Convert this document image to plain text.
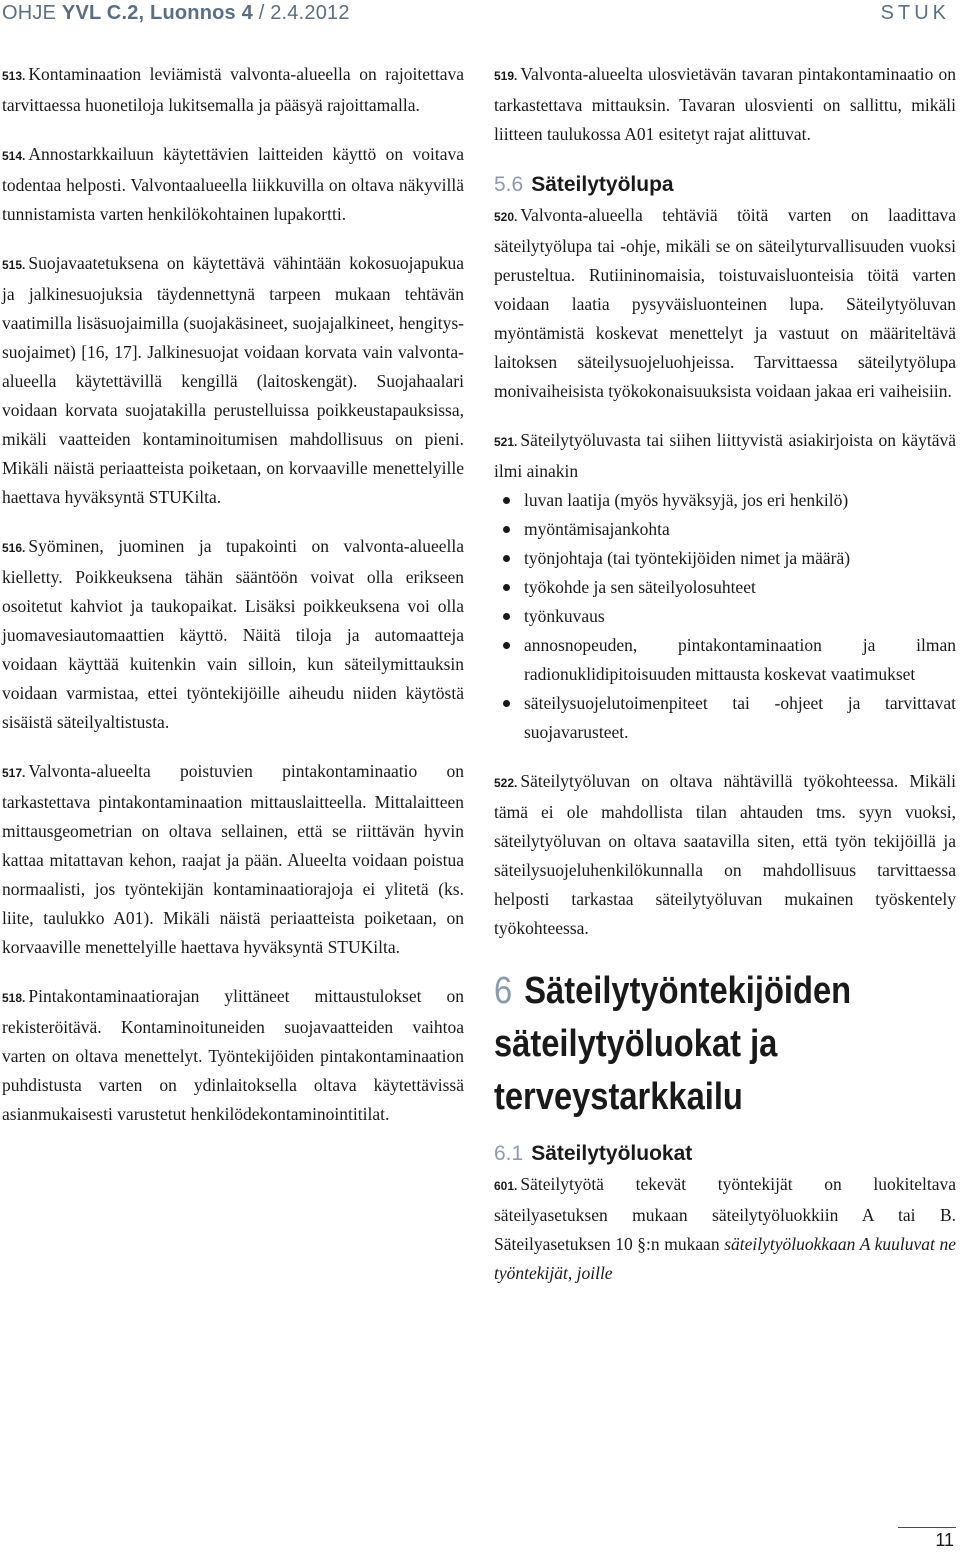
OHJE YVL C.2, Luonnos 4 / 2.4.2012	STUK

513. Kontaminaation leviämistä valvonta-alueella on rajoitettava tarvittaessa huonetiloja lukitsemalla ja pääsyä rajoittamalla.

514. Annostarkkailuun käytettävien laitteiden käyttö on voitava todentaa helposti. Valvontaalueella liikkuvilla on oltava näkyvillä tunnistamista varten henkilökohtainen lupakortti.

515. Suojavaatetuksena on käytettävä vähintään kokosuojapukua ja jalkinesuojuksia täydennettynä tarpeen mukaan tehtävän vaatimilla lisäsuojaimilla (suojakäsineet, suojajalkineet, hengityssuojaimet) [16, 17]. Jalkinesuojat voidaan korvata vain valvonta-alueella käytettävillä kengillä (laitoskengät). Suojahaalari voidaan korvata suojatakilla perustelluissa poikkeustapauksissa, mikäli vaatteiden kontaminoitumisen mahdollisuus on pieni. Mikäli näistä periaatteista poiketaan, on korvaaville menettelyille haettava hyväksyntä STUKilta.

516. Syöminen, juominen ja tupakointi on valvonta-alueella kielletty. Poikkeuksena tähän sääntöön voivat olla erikseen osoitetut kahviot ja taukopaikat. Lisäksi poikkeuksena voi olla juomavesiautomaattien käyttö. Näitä tiloja ja automaatteja voidaan käyttää kuitenkin vain silloin, kun säteilymittauksin voidaan varmistaa, ettei työntekijöille aiheudu niiden käytöstä sisäistä säteilyaltistusta.

517. Valvonta-alueelta poistuvien pintakontaminaatio on tarkastettava pintakontaminaation mittauslaitteella. Mittalaitteen mittausgeometrian on oltava sellainen, että se riittävän hyvin kattaa mitattavan kehon, raajat ja pään. Alueelta voidaan poistua normaalisti, jos työntekijän kontaminaatiorajoja ei ylitetä (ks. liite, taulukko A01). Mikäli näistä periaatteista poiketaan, on korvaaville menettelyille haettava hyväksyntä STUKilta.

518. Pintakontaminaatiorajan ylittäneet mittaustulokset on rekisteröitävä. Kontaminoituneiden suojavaatteiden vaihtoa varten on oltava menettelyt. Työntekijöiden pintakontaminaation puhdistusta varten on ydinlaitoksella oltava käytettävissä asianmukaisesti varustetut henkilödekontaminointitilat.

519. Valvonta-alueelta ulosvietävän tavaran pintakontaminaatio on tarkastettava mittauksin. Tavaran ulosvienti on sallittu, mikäli liitteen taulukossa A01 esitetyt rajat alittuvat.

5.6 Säteilytyölupa

520. Valvonta-alueella tehtäviä töitä varten on laadittava säteilytyölupa tai -ohje, mikäli se on säteilyturvallisuuden vuoksi perusteltua. Rutiininomaisia, toistuvaisluonteisia töitä varten voidaan laatia pysyväisluonteinen lupa. Säteilytyöluvan myöntämistä koskevat menettelyt ja vastuut on määriteltävä laitoksen säteilysuojeluohjeissa. Tarvittaessa säteilytyölupa monivaiheisista työkokonaisuuksista voidaan jakaa eri vaiheisiin.

521. Säteilytyöluvasta tai siihen liittyvistä asiakirjoista on käytävä ilmi ainakin

luvan laatija (myös hyväksyjä, jos eri henkilö)
myöntämisajankohta
työnjohtaja (tai työntekijöiden nimet ja määrä)
työkohde ja sen säteilyolosuhteet
työnkuvaus
annosnopeuden, pintakontaminaation ja ilman radionuklidipitoisuuden mittausta koskevat vaatimukset
säteilysuojelutoimenpiteet tai -ohjeet ja tarvittavat suojavarusteet.

522. Säteilytyöluvan on oltava nähtävillä työkohteessa. Mikäli tämä ei ole mahdollista tilan ahtauden tms. syyn vuoksi, säteilytyöluvan on oltava saatavilla siten, että työn tekijöillä ja säteilysuojeluhenkilökunnalla on mahdollisuus tarvittaessa helposti tarkastaa säteilytyöluvan mukainen työskentely työkohteessa.

6 Säteilytyöntekijöiden säteilytyöluokat ja terveystarkkailu
6.1 Säteilytyöluokat

601. Säteilytyötä tekevät työntekijät on luokiteltava säteilyasetuksen mukaan säteilytyöluokkiin A tai B. Säteilyasetuksen 10 §:n mukaan säteilytyöluokkaan A kuuluvat ne työntekijät, joille

11
